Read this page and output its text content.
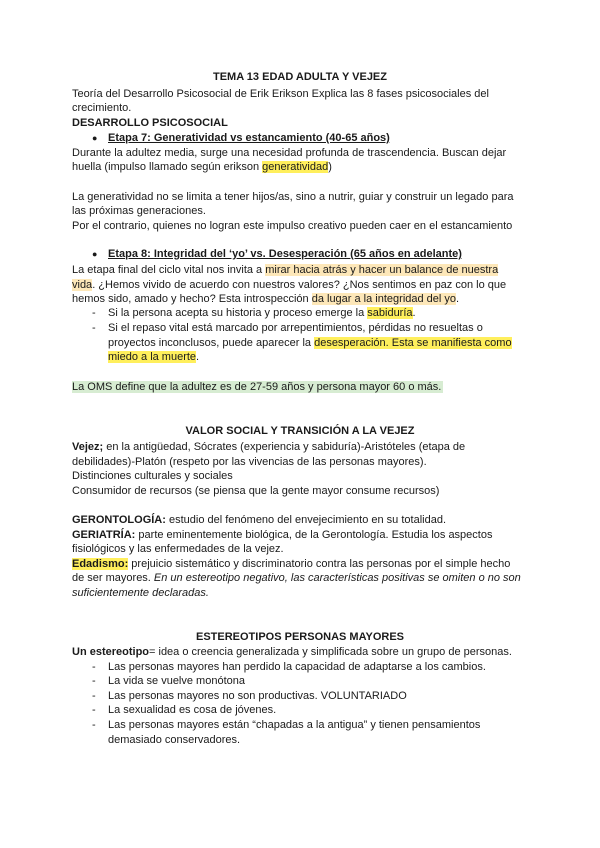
TEMA 13 EDAD ADULTA Y VEJEZ
Teoría del Desarrollo Psicosocial de Erik Erikson Explica las 8 fases psicosociales del
crecimiento.
DESARROLLO PSICOSOCIAL
● Etapa 7: Generatividad vs estancamiento (40-65 años)
Durante la adultez media, surge una necesidad profunda de trascendencia. Buscan dejar
huella (impulso llamado según erikson generatividad)
La generatividad no se limita a tener hijos/as, sino a nutrir, guiar y construir un legado para
las próximas generaciones.
Por el contrario, quienes no logran este impulso creativo pueden caer en el estancamiento
● Etapa 8: Integridad del ‘yo’ vs. Desesperación (65 años en adelante)
La etapa final del ciclo vital nos invita a mirar hacia atrás y hacer un balance de nuestra
vida. ¿Hemos vivido de acuerdo con nuestros valores? ¿Nos sentimos en paz con lo que
hemos sido, amado y hecho? Esta introspección da lugar a la integridad del yo.
- Si la persona acepta su historia y proceso emerge la sabiduría.
- Si el repaso vital está marcado por arrepentimientos, pérdidas no resueltas o
proyectos inconclusos, puede aparecer la desesperación. Esta se manifiesta como
miedo a la muerte.
La OMS define que la adultez es de 27-59 años y persona mayor 60 o más.
VALOR SOCIAL Y TRANSICIÓN A LA VEJEZ
Vejez; en la antigüedad, Sócrates (experiencia y sabiduría)-Aristóteles (etapa de
debilidades)-Platón (respeto por las vivencias de las personas mayores).
Distinciones culturales y sociales
Consumidor de recursos (se piensa que la gente mayor consume recursos)
GERONTOLOGÍA: estudio del fenómeno del envejecimiento en su totalidad.
GERIATRÍA: parte eminentemente biológica, de la Gerontología. Estudia los aspectos
fisiológicos y las enfermedades de la vejez.
Edadismo: prejuicio sistemático y discriminatorio contra las personas por el simple hecho
de ser mayores. En un estereotipo negativo, las características positivas se omiten o no son
suficientemente declaradas.
ESTEREOTIPOS PERSONAS MAYORES
Un estereotipo= idea o creencia generalizada y simplificada sobre un grupo de personas.
- Las personas mayores han perdido la capacidad de adaptarse a los cambios.
- La vida se vuelve monótona
- Las personas mayores no son productivas. VOLUNTARIADO
- La sexualidad es cosa de jóvenes.
- Las personas mayores están “chapadas a la antigua” y tienen pensamientos
demasiado conservadores.
